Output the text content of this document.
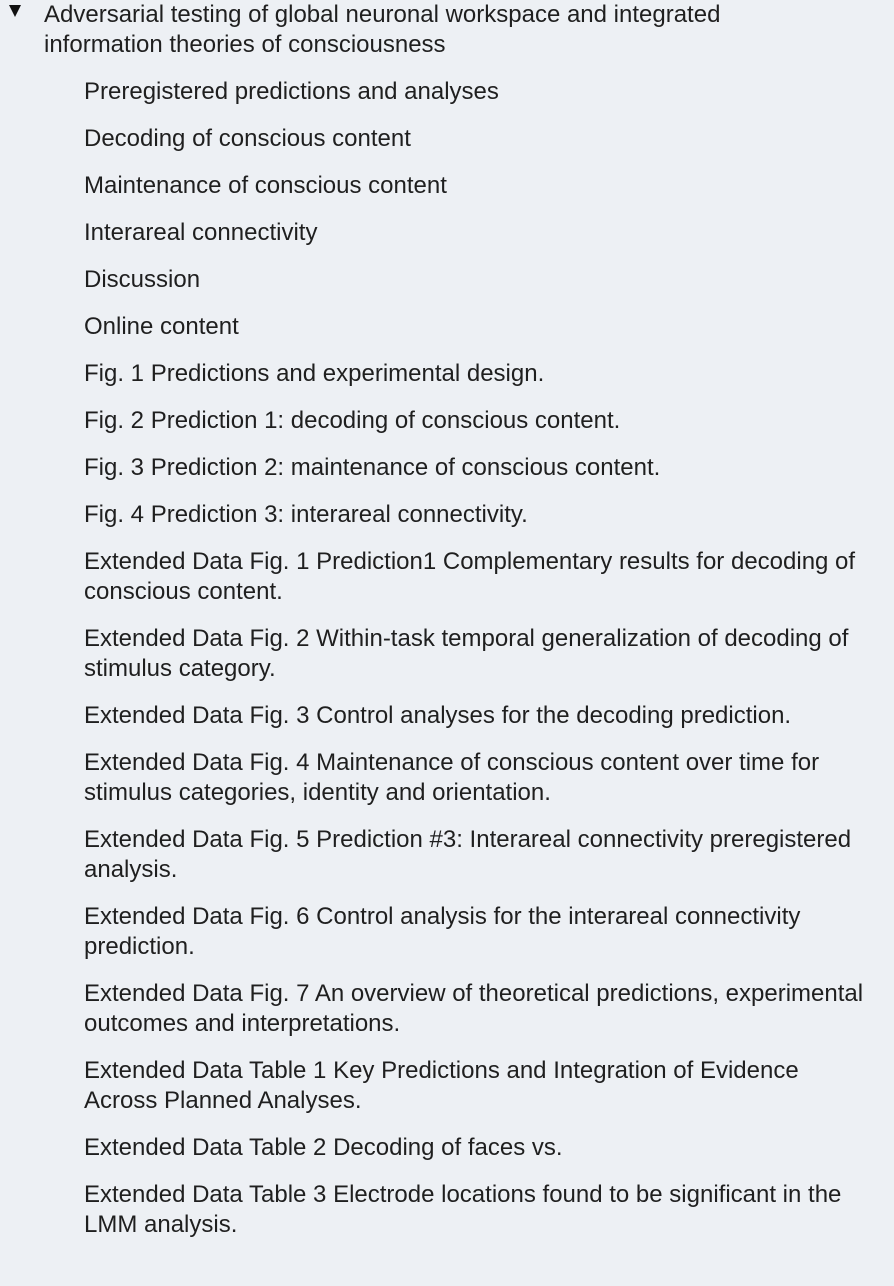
Adversarial testing of global neuronal workspace and integrated information theories of consciousness
Preregistered predictions and analyses
Decoding of conscious content
Maintenance of conscious content
Interareal connectivity
Discussion
Online content
Fig. 1 Predictions and experimental design.
Fig. 2 Prediction 1: decoding of conscious content.
Fig. 3 Prediction 2: maintenance of conscious content.
Fig. 4 Prediction 3: interareal connectivity.
Extended Data Fig. 1 Prediction1 Complementary results for decoding of conscious content.
Extended Data Fig. 2 Within-task temporal generalization of decoding of stimulus category.
Extended Data Fig. 3 Control analyses for the decoding prediction.
Extended Data Fig. 4 Maintenance of conscious content over time for stimulus categories, identity and orientation.
Extended Data Fig. 5 Prediction #3: Interareal connectivity preregistered analysis.
Extended Data Fig. 6 Control analysis for the interareal connectivity prediction.
Extended Data Fig. 7 An overview of theoretical predictions, experimental outcomes and interpretations.
Extended Data Table 1 Key Predictions and Integration of Evidence Across Planned Analyses.
Extended Data Table 2 Decoding of faces vs.
Extended Data Table 3 Electrode locations found to be significant in the LMM analysis.
